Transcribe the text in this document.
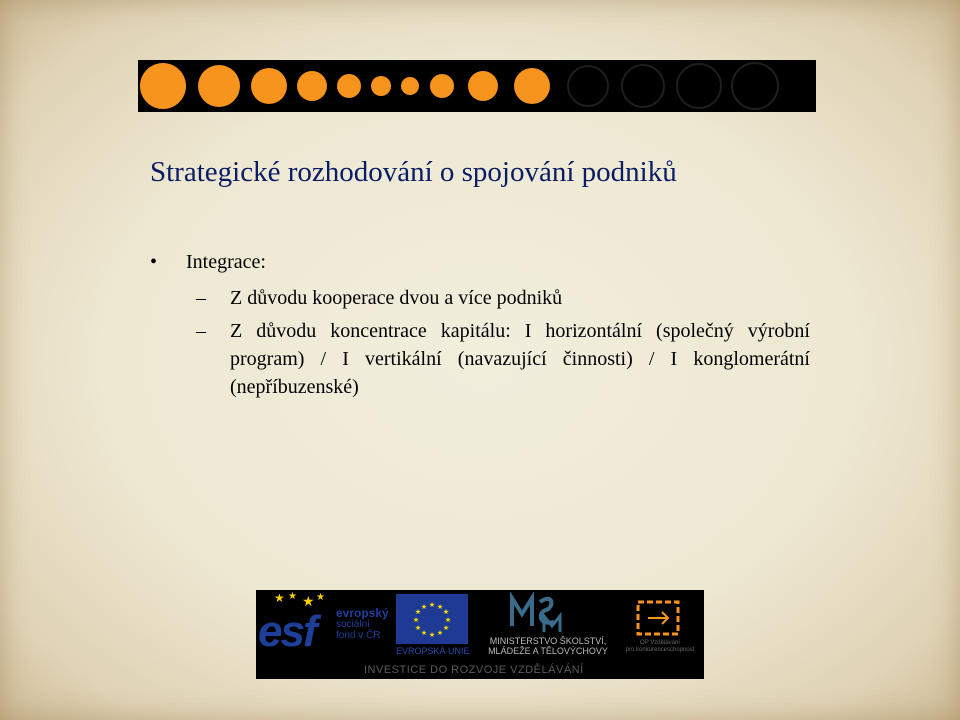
Strategické rozhodování o spojování podniků
• Integrace:
– Z důvodu kooperace dvou a více podniků
– Z důvodu koncentrace kapitálu: I horizontální (společný výrobní program) / I vertikální (navazující činnosti) / I konglomerátní (nepříbuzenské)
★ ★ ★ ★
esf evropský
sociální
fond v ČR
★ ★
★
★
★
★
★
★
★
★
★
★
EVROPSKÁ UNIE
MINISTERSTVO ŠKOLSTVÍ,
MLÁDEŽE A TĚLOVÝCHOVY
OP Vzdělávání
pro konkurenceschopnost
INVESTICE DO ROZVOJE VZDĚLÁVÁNÍ
